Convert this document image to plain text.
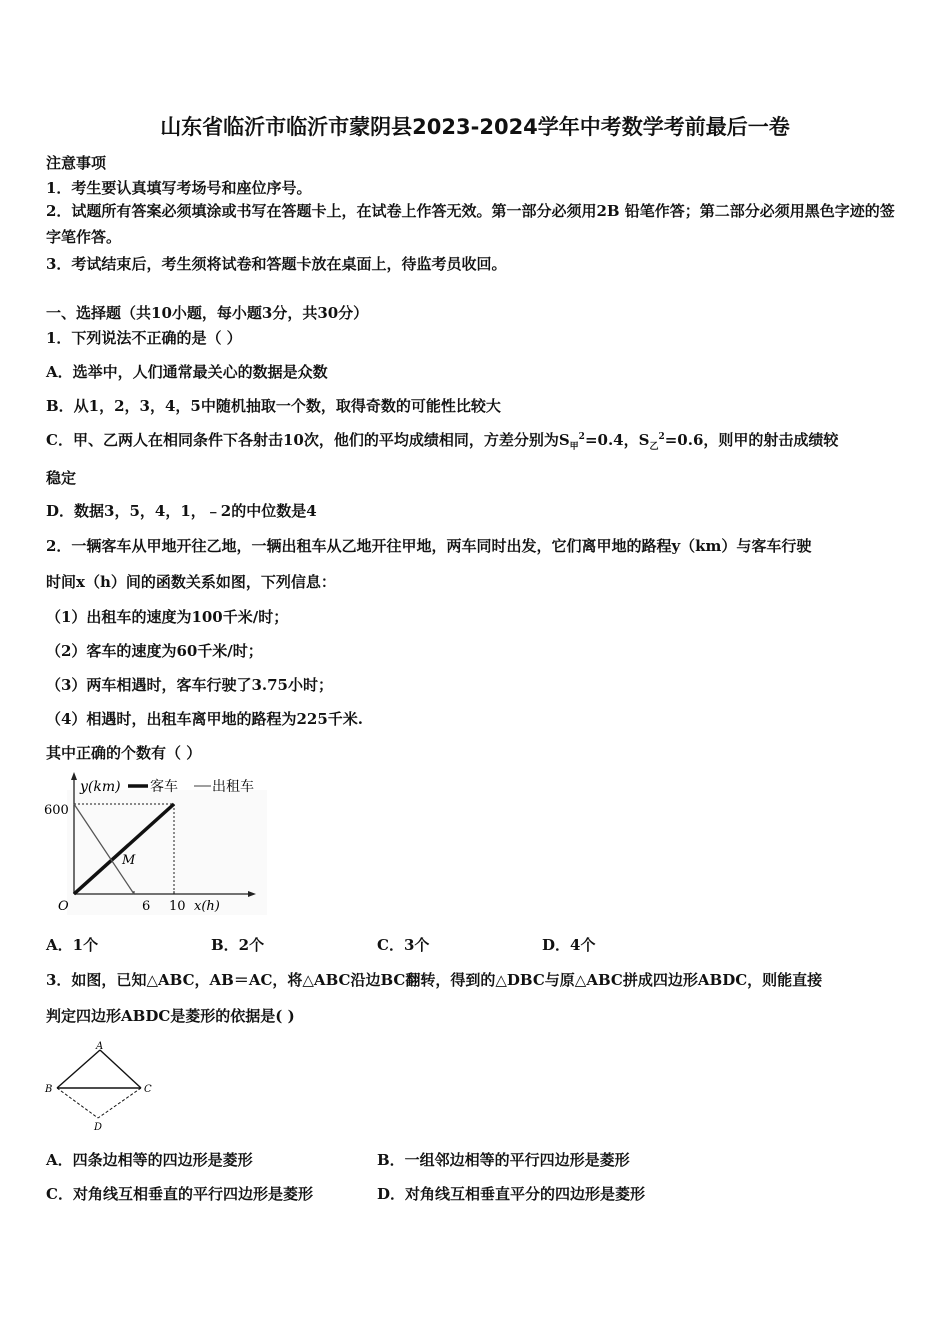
山东省临沂市临沂市蒙阴县2023-2024学年中考数学考前最后一卷
注意事项
1．考生要认真填写考场号和座位序号。
2．试题所有答案必须填涂或书写在答题卡上，在试卷上作答无效。第一部分必须用2B 铅笔作答；第二部分必须用黑色字迹的签字笔作答。
3．考试结束后，考生须将试卷和答题卡放在桌面上，待监考员收回。
一、选择题（共10小题，每小题3分，共30分）
1．下列说法不正确的是（ ）
A．选举中，人们通常最关心的数据是众数
B．从1，2，3，4，5中随机抽取一个数，取得奇数的可能性比较大
C．甲、乙两人在相同条件下各射击10次，他们的平均成绩相同，方差分别为$S_甲^2=0.4$，$S_乙^2=0.6$，则甲的射击成绩较
稳定
D．数据3，5，4，1，﹣2的中位数是4
2．一辆客车从甲地开往乙地，一辆出租车从乙地开往甲地，两车同时出发，它们离甲地的路程y（km）与客车行驶
时间x（h）间的函数关系如图，下列信息：
（1）出租车的速度为100千米/时；
（2）客车的速度为60千米/时；
（3）两车相遇时，客车行驶了3.75小时；
（4）相遇时，出租车离甲地的路程为225千米.
其中正确的个数有（ ）
O
y(km)
x(h)
600
6 10
M
客车 出租车
A．1个	B．2个	C．3个	D．4个
3．如图，已知△ABC，AB＝AC，将△ABC沿边BC翻转，得到的△DBC与原△ABC拼成四边形ABDC，则能直接
判定四边形ABDC是菱形的依据是( )
A
B	C
D
A．四条边相等的四边形是菱形	B．一组邻边相等的平行四边形是菱形
C．对角线互相垂直的平行四边形是菱形	D．对角线互相垂直平分的四边形是菱形
